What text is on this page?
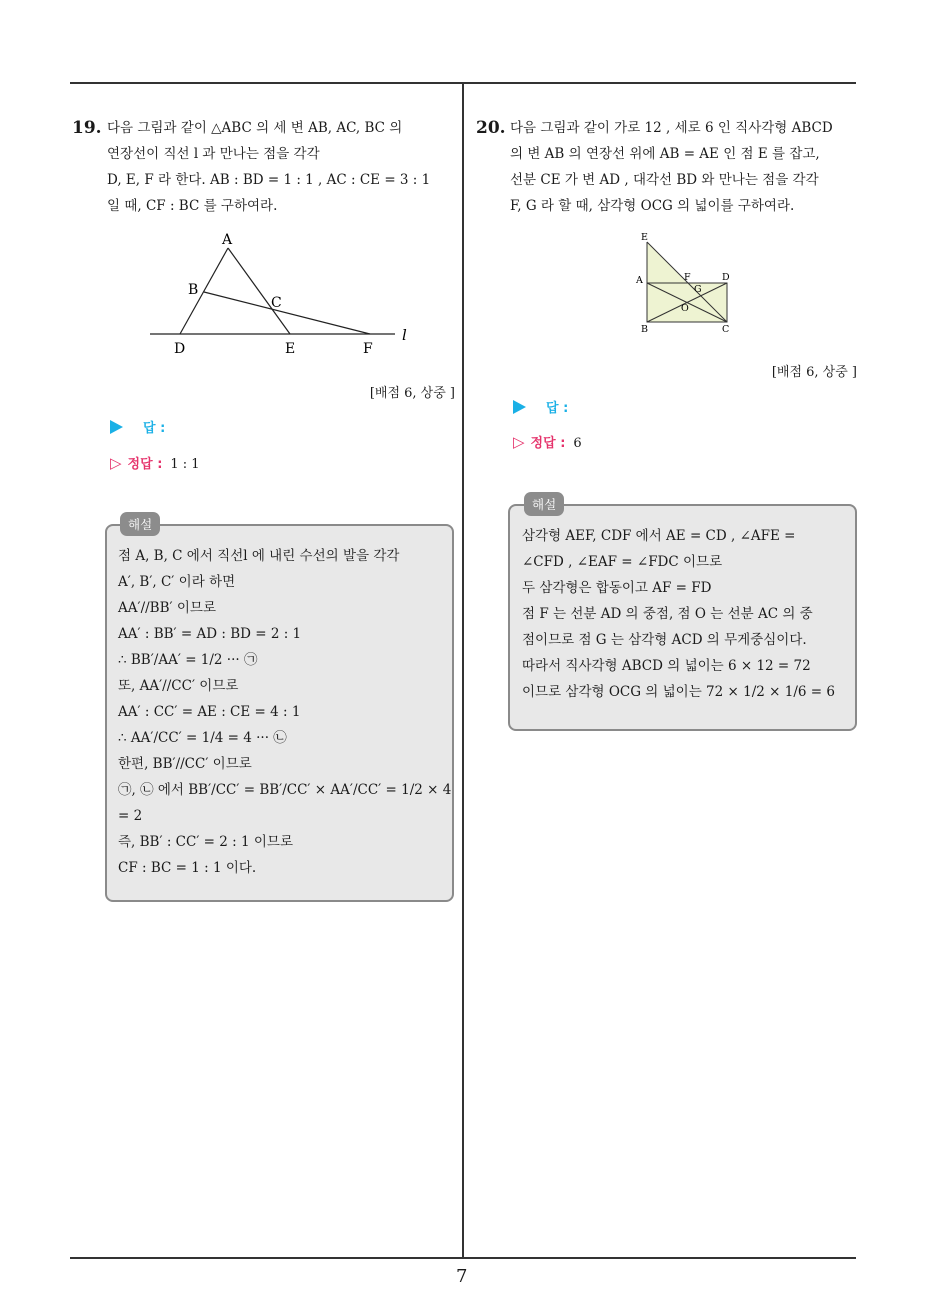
19. 다음 그림과 같이 △ABC 의 세 변 AB, AC, BC 의
연장선이 직선 l 과 만나는 점을 각각
D, E, F 라 한다. AB : BD = 1 : 1 , AC : CE = 3 : 1
일 때, CF : BC 를 구하여라.
A
B
C
D	E	F
l
[배점 6, 상중 ]
답 :
▷ 정답 : 1 : 1
해설
점 A, B, C 에서 직선l 에 내린 수선의 발을 각각
A′, B′, C′ 이라 하면
AA′//BB′ 이므로
AA′ : BB′ = AD : BD = 2 : 1
∴ BB′/AA′ = 1/2 ··· ㉠
또, AA′//CC′ 이므로
AA′ : CC′ = AE : CE = 4 : 1
∴ AA′/CC′ = 1/4 = 4 ··· ㉡
한편, BB′//CC′ 이므로
㉠, ㉡ 에서 BB′/CC′ = BB′/CC′ × AA′/CC′ = 1/2 × 4 = 2
즉, BB′ : CC′ = 2 : 1 이므로
CF : BC = 1 : 1 이다.
20. 다음 그림과 같이 가로 12 , 세로 6 인 직사각형 ABCD
의 변 AB 의 연장선 위에 AB = AE 인 점 E 를 잡고,
선분 CE 가 변 AD , 대각선 BD 와 만나는 점을 각각
F, G 라 할 때, 삼각형 OCG 의 넓이를 구하여라.
E
A	F	D
G
O
B	C
[배점 6, 상중 ]
답 :
▷ 정답 : 6
해설
삼각형 AEF, CDF 에서 AE = CD , ∠AFE =
∠CFD , ∠EAF = ∠FDC 이므로
두 삼각형은 합동이고 AF = FD
점 F 는 선분 AD 의 중점, 점 O 는 선분 AC 의 중
점이므로 점 G 는 삼각형 ACD 의 무게중심이다.
따라서 직사각형 ABCD 의 넓이는 6 × 12 = 72
이므로 삼각형 OCG 의 넓이는 72 × 1/2 × 1/6 = 6
7
